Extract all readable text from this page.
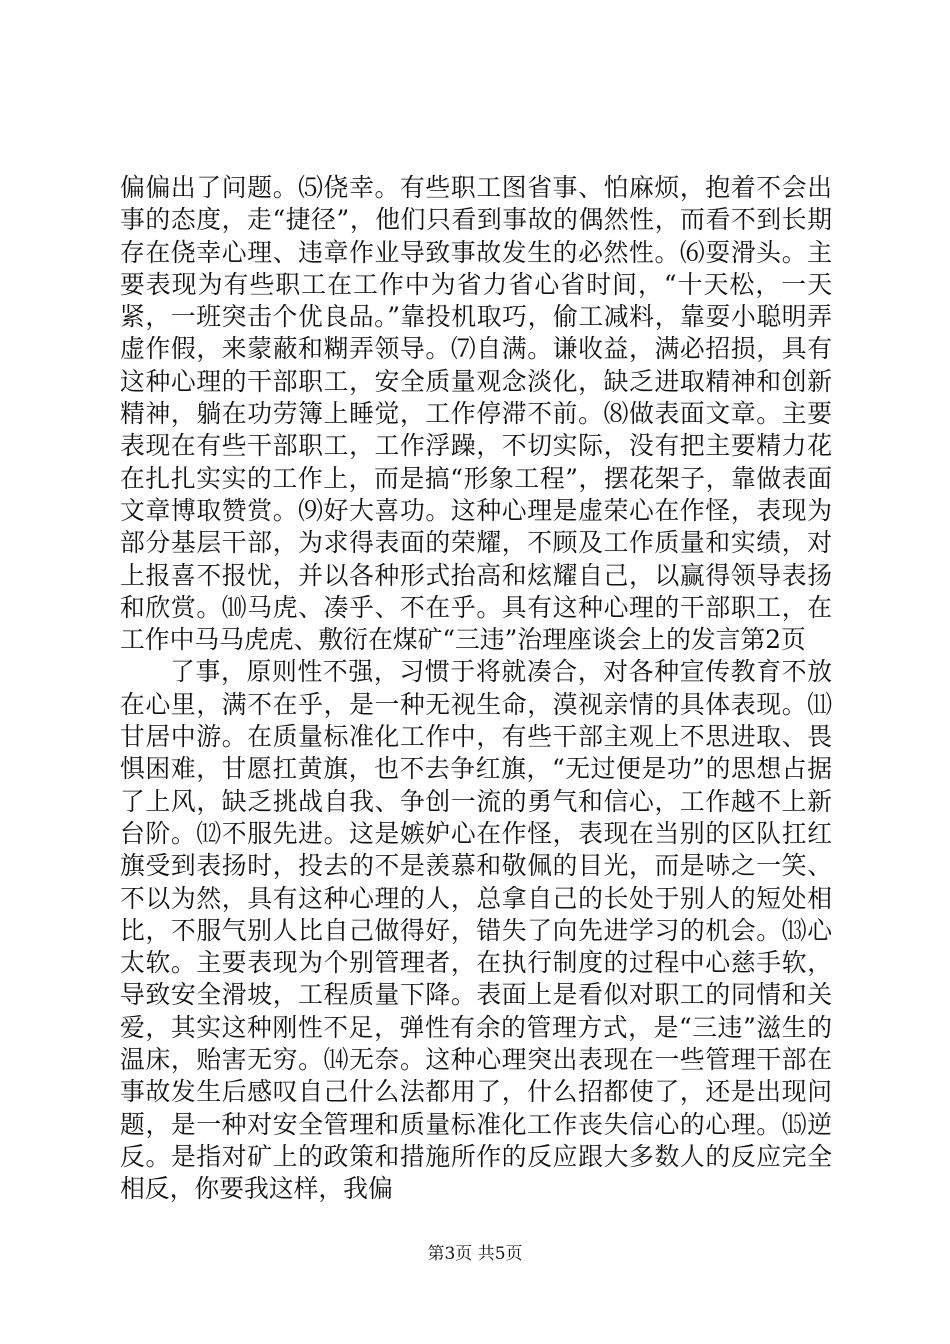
偏偏出了问题。⑸侥幸。有些职工图省事、怕麻烦，抱着不会出事的态度，走“捷径”，他们只看到事故的偶然性，而看不到长期存在侥幸心理、违章作业导致事故发生的必然性。⑹耍滑头。主要表现为有些职工在工作中为省力省心省时间，“十天松，一天紧，一班突击个优良品。”靠投机取巧，偷工减料，靠耍小聪明弄虚作假，来蒙蔽和糊弄领导。⑺自满。谦收益，满必招损，具有这种心理的干部职工，安全质量观念淡化，缺乏进取精神和创新精神，躺在功劳簿上睡觉，工作停滞不前。⑻做表面文章。主要表现在有些干部职工，工作浮躁，不切实际，没有把主要精力花在扎扎实实的工作上，而是搞“形象工程”，摆花架子，靠做表面文章博取赞赏。⑼好大喜功。这种心理是虚荣心在作怪，表现为部分基层干部，为求得表面的荣耀，不顾及工作质量和实绩，对上报喜不报忧，并以各种形式抬高和炫耀自己，以赢得领导表扬和欣赏。⑽马虎、凑乎、不在乎。具有这种心理的干部职工，在工作中马马虎虎、敷衍在煤矿“三违”治理座谈会上的发言第2页

了事，原则性不强，习惯于将就凑合，对各种宣传教育不放在心里，满不在乎，是一种无视生命，漠视亲情的具体表现。⑾甘居中游。在质量标准化工作中，有些干部主观上不思进取、畏惧困难，甘愿扛黄旗，也不去争红旗，“无过便是功”的思想占据了上风，缺乏挑战自我、争创一流的勇气和信心，工作越不上新台阶。⑿不服先进。这是嫉妒心在作怪，表现在当别的区队扛红旗受到表扬时，投去的不是羡慕和敬佩的目光，而是哧之一笑、不以为然，具有这种心理的人，总拿自己的长处于别人的短处相比，不服气别人比自己做得好，错失了向先进学习的机会。⒀心太软。主要表现为个别管理者，在执行制度的过程中心慈手软，导致安全滑坡，工程质量下降。表面上是看似对职工的同情和关爱，其实这种刚性不足，弹性有余的管理方式，是“三违”滋生的温床，贻害无穷。⒁无奈。这种心理突出表现在一些管理干部在事故发生后感叹自己什么法都用了，什么招都使了，还是出现问题，是一种对安全管理和质量标准化工作丧失信心的心理。⒂逆反。是指对矿上的政策和措施所作的反应跟大多数人的反应完全相反，你要我这样，我偏

第3页 共5页
